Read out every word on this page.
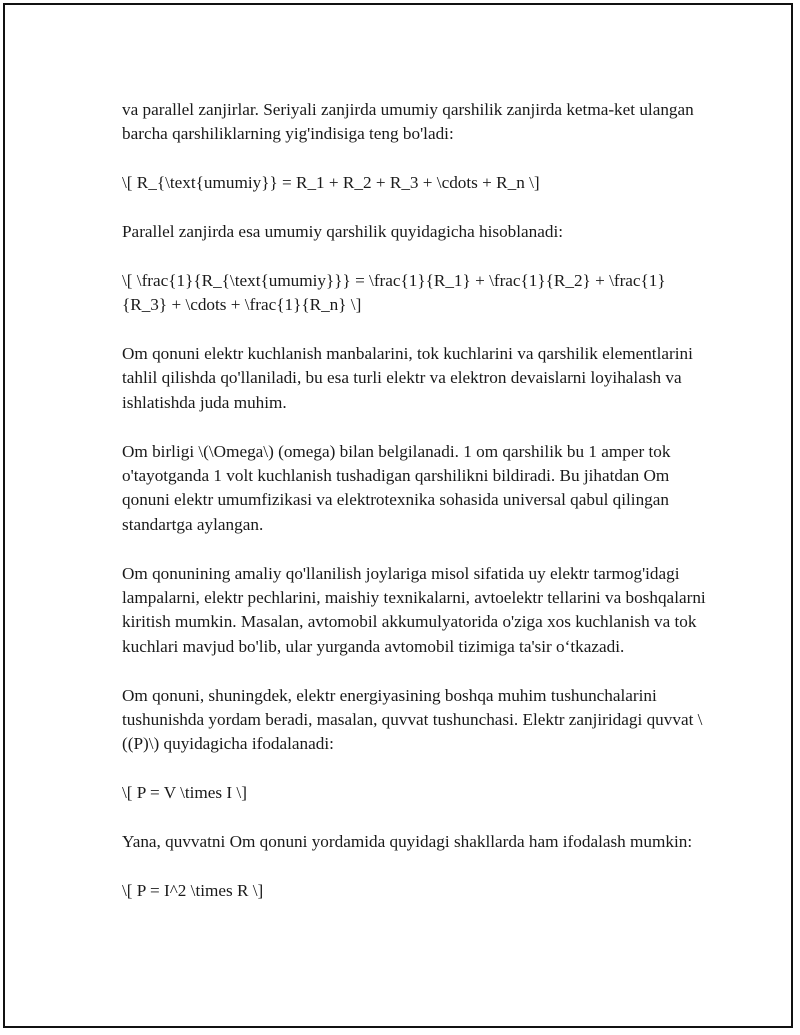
va parallel zanjirlar. Seriyali zanjirda umumiy qarshilik zanjirda ketma-ket ulangan barcha qarshiliklarning yig'indisiga teng bo'ladi:

\[ R_{\text{umumiy}} = R_1 + R_2 + R_3 + \cdots + R_n \]

Parallel zanjirda esa umumiy qarshilik quyidagicha hisoblanadi:

\[ \frac{1}{R_{\text{umumiy}}} = \frac{1}{R_1} + \frac{1}{R_2} + \frac{1}{R_3} + \cdots + \frac{1}{R_n} \]

Om qonuni elektr kuchlanish manbalarini, tok kuchlarini va qarshilik elementlarini tahlil qilishda qo'llaniladi, bu esa turli elektr va elektron devaislarni loyihalash va ishlatishda juda muhim.

Om birligi \(\Omega\) (omega) bilan belgilanadi. 1 om qarshilik bu 1 amper tok o'tayotganda 1 volt kuchlanish tushadigan qarshilikni bildiradi. Bu jihatdan Om qonuni elektr umumfizikasi va elektrotexnika sohasida universal qabul qilingan standartga aylangan.

Om qonunining amaliy qo'llanilish joylariga misol sifatida uy elektr tarmog'idagi lampalarni, elektr pechlarini, maishiy texnikalarni, avtoelektr tellarini va boshqalarni kiritish mumkin. Masalan, avtomobil akkumulyatorida o'ziga xos kuchlanish va tok kuchlari mavjud bo'lib, ular yurganda avtomobil tizimiga ta'sir o‘tkazadi.

Om qonuni, shuningdek, elektr energiyasining boshqa muhim tushunchalarini tushunishda yordam beradi, masalan, quvvat tushunchasi. Elektr zanjiridagi quvvat \((P)\) quyidagicha ifodalanadi:

\[ P = V \times I \]

Yana, quvvatni Om qonuni yordamida quyidagi shakllarda ham ifodalash mumkin:

\[ P = I^2 \times R \]
